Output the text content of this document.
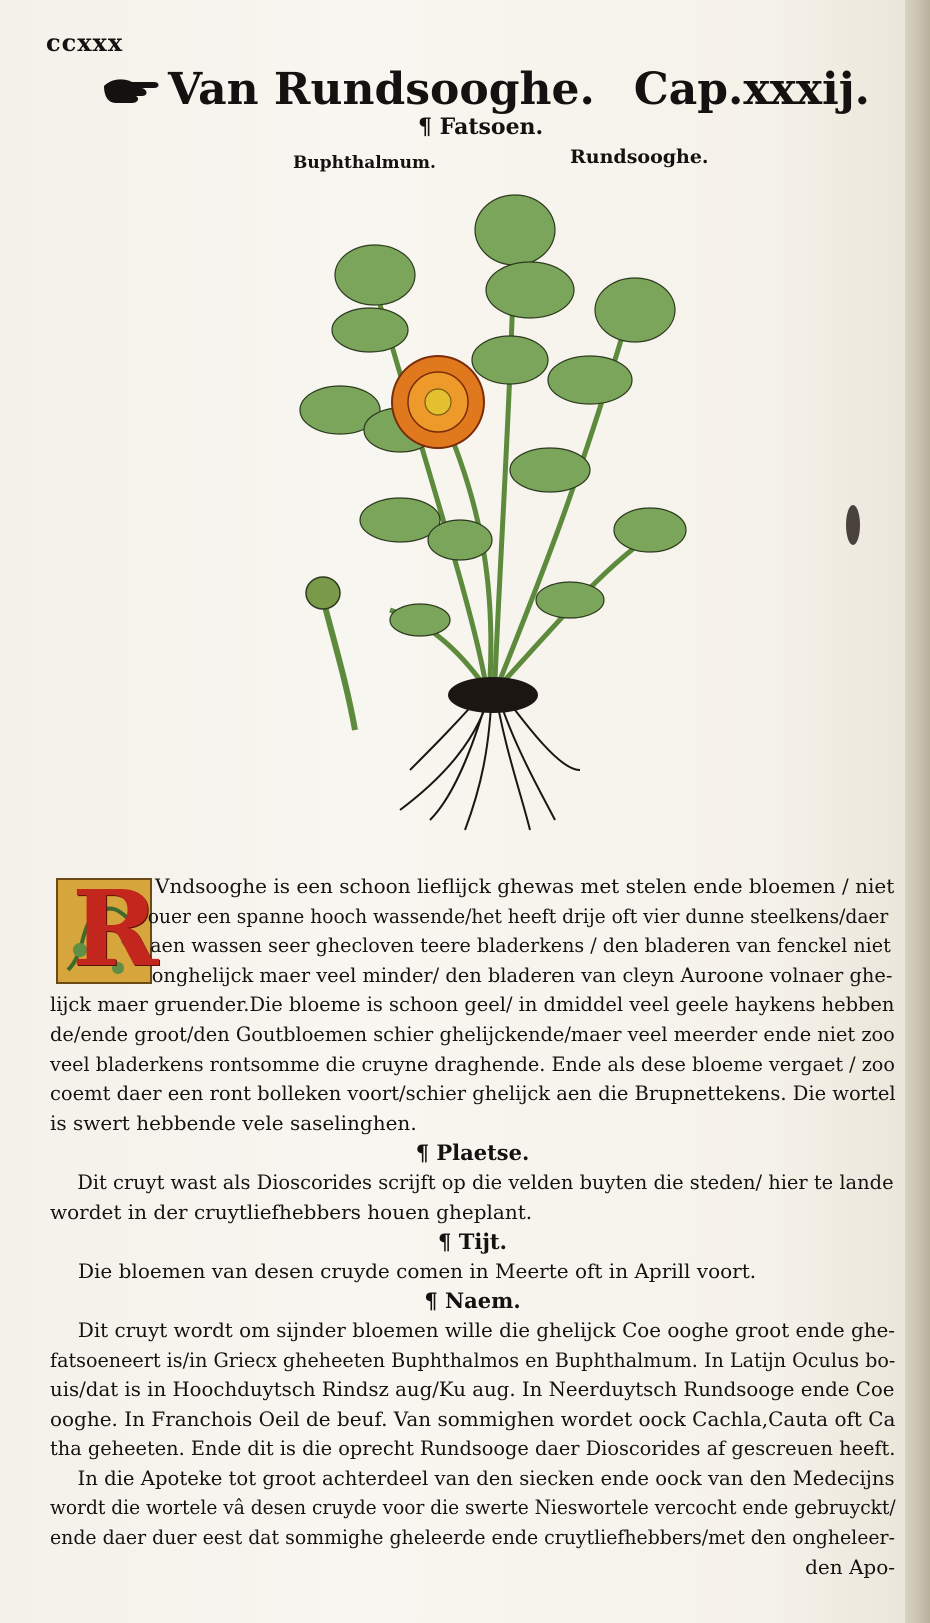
ccxxx
Van Rundsooghe. Cap.xxxij.
¶ Fatsoen.
Buphthalmum.	Rundsooghe.
R
Vndsooghe is een schoon lieflijck ghewas met stelen ende bloemen / niet
ouer een spanne hooch wassende/het heeft drije oft vier dunne steelkens/daer
aen wassen seer ghecloven teere bladerkens / den bladeren van fenckel niet
onghelijck maer veel minder/ den bladeren van cleyn Auroone volnaer ghe-
lijck maer gruender.Die bloeme is schoon geel/ in dmiddel veel geele haykens hebben
de/ende groot/den Goutbloemen schier ghelijckende/maer veel meerder ende niet zoo
veel bladerkens rontsomme die cruyne draghende. Ende als dese bloeme vergaet / zoo
coemt daer een ront bolleken voort/schier ghelijck aen die Brupnettekens. Die wortel
is swert hebbende vele saselinghen.
¶ Plaetse.
Dit cruyt wast als Dioscorides scrijft op die velden buyten die steden/ hier te lande
wordet in der cruytliefhebbers houen gheplant.
¶ Tijt.
Die bloemen van desen cruyde comen in Meerte oft in Aprill voort.
¶ Naem.
Dit cruyt wordt om sijnder bloemen wille die ghelijck Coe ooghe groot ende ghe-
fatsoeneert is/in Griecx gheheeten Buphthalmos en Buphthalmum. In Latijn Oculus bo-
uis/dat is in Hoochduytsch Rindsz aug/Ku aug. In Neerduytsch Rundsooge ende Coe
ooghe. In Franchois Oeil de beuf. Van sommighen wordet oock Cachla,Cauta oft Ca
tha geheeten. Ende dit is die oprecht Rundsooge daer Dioscorides af gescreuen heeft.
In die Apoteke tot groot achterdeel van den siecken ende oock van den Medecijns
wordt die wortele vâ desen cruyde voor die swerte Nieswortele vercocht ende gebruyckt/
ende daer duer eest dat sommighe gheleerde ende cruytliefhebbers/met den ongheleer-
den Apo-
